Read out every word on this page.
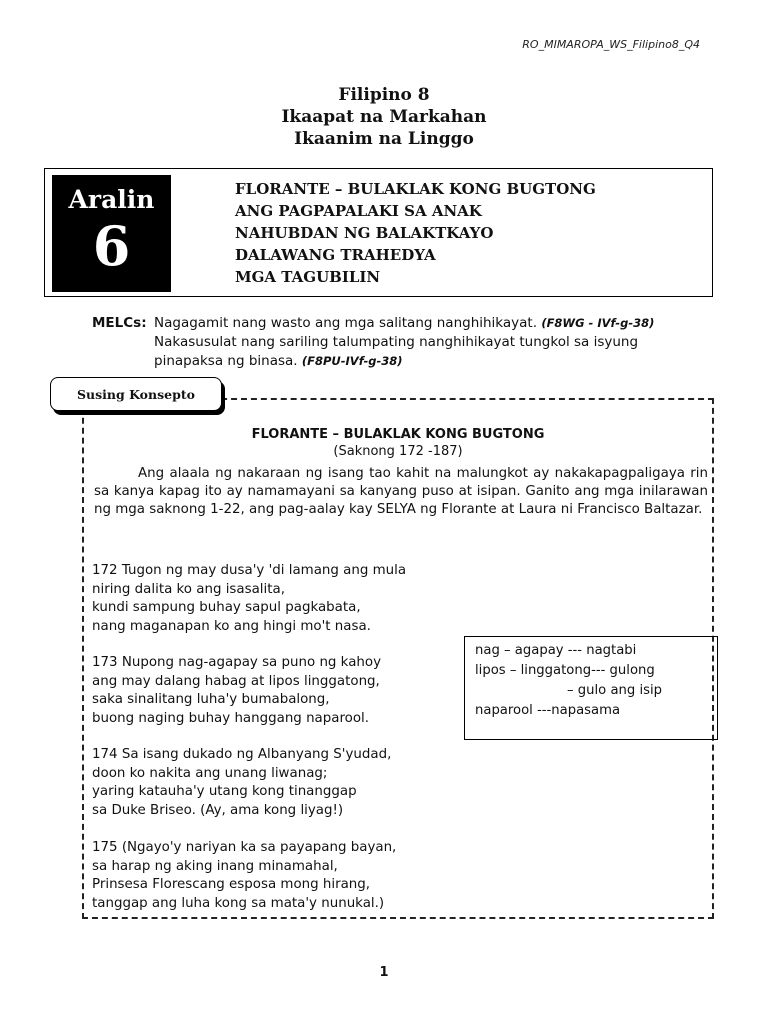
RO_MIMAROPA_WS_Filipino8_Q4
Filipino 8
Ikaapat na Markahan
Ikaanim na Linggo
Aralin
6
FLORANTE – BULAKLAK KONG BUGTONG
ANG PAGPAPALAKI SA ANAK
NAHUBDAN NG BALAKTKAYO
DALAWANG TRAHEDYA
MGA TAGUBILIN
MELCs: Nagagamit nang wasto ang mga salitang nanghihikayat. (F8WG - IVf-g-38)
Nakasusulat nang sariling talumpating nanghihikayat tungkol sa isyung
pinapaksa ng binasa. (F8PU-IVf-g-38)
Susing Konsepto
FLORANTE – BULAKLAK KONG BUGTONG
(Saknong 172 -187)
Ang alaala ng nakaraan ng isang tao kahit na malungkot ay nakakapagpaligaya rin sa kanya kapag ito ay namamayani sa kanyang puso at isipan. Ganito ang mga inilarawan ng mga saknong 1-22, ang pag-aalay kay SELYA ng Florante at Laura ni Francisco Baltazar.
172 Tugon ng may dusa'y 'di lamang ang mula
niring dalita ko ang isasalita,
kundi sampung buhay sapul pagkabata,
nang maganapan ko ang hingi mo't nasa.
173 Nupong nag-agapay sa puno ng kahoy
ang may dalang habag at lipos linggatong,
saka sinalitang luha'y bumabalong,
buong naging buhay hanggang naparool.
174 Sa isang dukado ng Albanyang S'yudad,
doon ko nakita ang unang liwanag;
yaring katauha'y utang kong tinanggap
sa Duke Briseo. (Ay, ama kong liyag!)
175 (Ngayo'y nariyan ka sa payapang bayan,
sa harap ng aking inang minamahal,
Prinsesa Florescang esposa mong hirang,
tanggap ang luha kong sa mata'y nunukal.)
nag – agapay --- nagtabi
lipos – linggatong--- gulong
– gulo ang isip
naparool ---napasama
1
